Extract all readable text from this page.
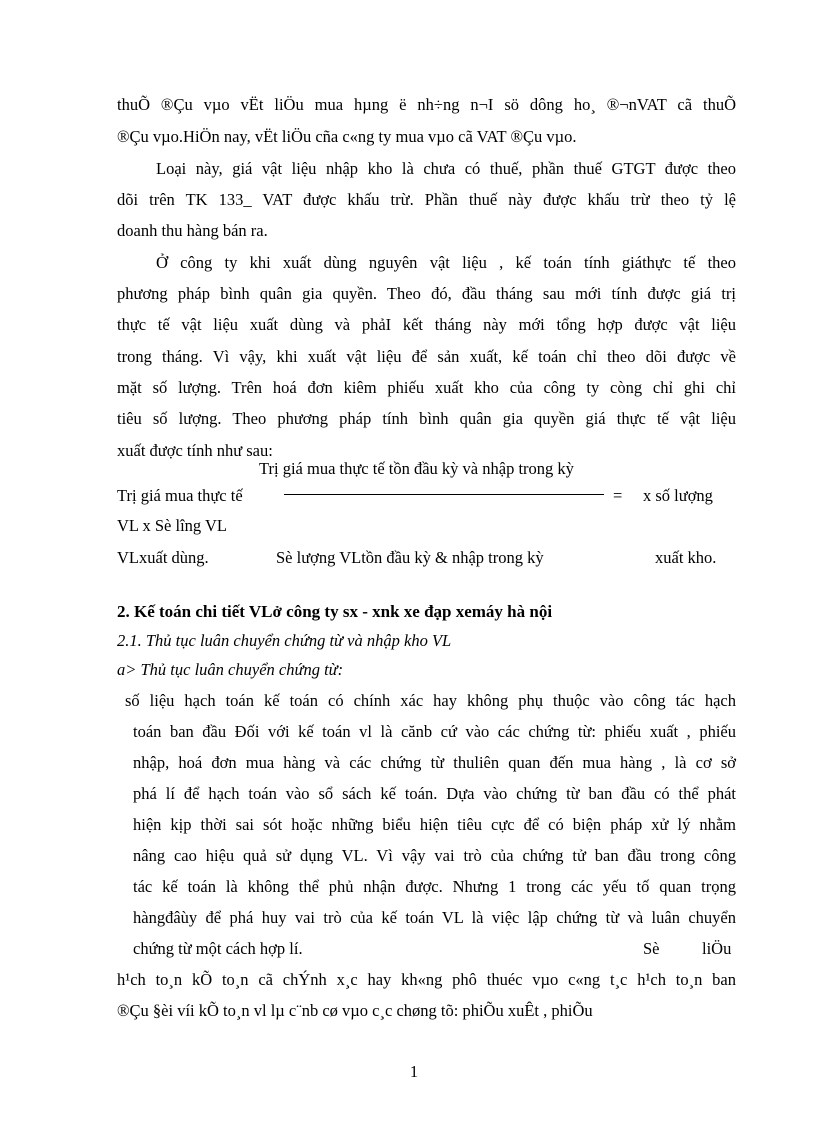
thuÕ ®Çu vµo vËt liÖu mua hµng ë nh÷ng n¬I sö dông ho¸ ®¬nVAT cã thuÕ
®Çu vµo.HiÖn nay, vËt liÖu cña c«ng ty mua vµo cã VAT ®Çu vµo.
Loại này, giá vật liệu nhập kho là chưa có thuế, phần thuế GTGT được theo
dõi trên TK 133_ VAT được khấu trừ. Phần thuế này được khấu trừ theo tỷ lệ
doanh thu hàng bán ra.
Ở công ty khi xuất dùng nguyên vật liệu , kế toán tính giáthực tế theo
phương pháp bình quân gia quyền. Theo đó, đầu tháng sau mới tính được giá trị
thực tế vật liệu xuất dùng và phảI kết tháng này mới tổng hợp được vật liệu
trong tháng. Vì vậy, khi xuất vật liệu để sản xuất, kế toán chỉ theo dõi được về
mặt số lượng. Trên hoá đơn kiêm phiếu xuất kho của công ty còng chỉ ghi chỉ
tiêu số lượng. Theo phương pháp tính bình quân gia quyền giá thực tế vật liệu
xuất được tính như sau:
Trị giá mua thực tế tồn đầu kỳ và nhập trong kỳ
Trị giá mua thực tế	= x số lượng
VL x Sè lîng VL
VLxuất dùng.	Sè lượng VLtồn đầu kỳ & nhập trong kỳ	xuất kho.
2. Kế toán chi tiết VLở công ty sx - xnk xe đạp xemáy hà nội
2.1. Thủ tục luân chuyển chứng từ và nhập kho VL
a> Thủ tục luân chuyển chứng từ:
số liệu hạch toán kế toán có chính xác hay không phụ thuộc vào công tác hạch
toán ban đầu Đối với kế toán vl là cănb cứ vào các chứng từ: phiếu xuất , phiếu
nhập, hoá đơn mua hàng và các chứng từ thuliên quan đến mua hàng , là cơ sở
phá lí để hạch toán vào sổ sách kế toán. Dựa vào chứng từ ban đầu có thể phát
hiện kịp thời sai sót hoặc những biểu hiện tiêu cực để có biện pháp xử lý nhằm
nâng cao hiệu quả sử dụng VL. Vì vậy vai trò của chứng tử ban đầu trong công
tác kế toán là không thể phủ nhận được. Nhưng 1 trong các yếu tố quan trọng
hàngđâùy để phá huy vai trò của kế toán VL là việc lập chứng từ và luân chuyển
chứng từ một cách hợp lí.	Sè	liÖu
h¹ch to¸n kÕ to¸n cã chÝnh x¸c hay kh«ng phô thuéc vµo c«ng t¸c h¹ch to¸n ban
®Çu §èi víi kÕ to¸n vl lµ c¨nb cø vµo c¸c chøng tõ: phiÕu xuÊt , phiÕu
1
